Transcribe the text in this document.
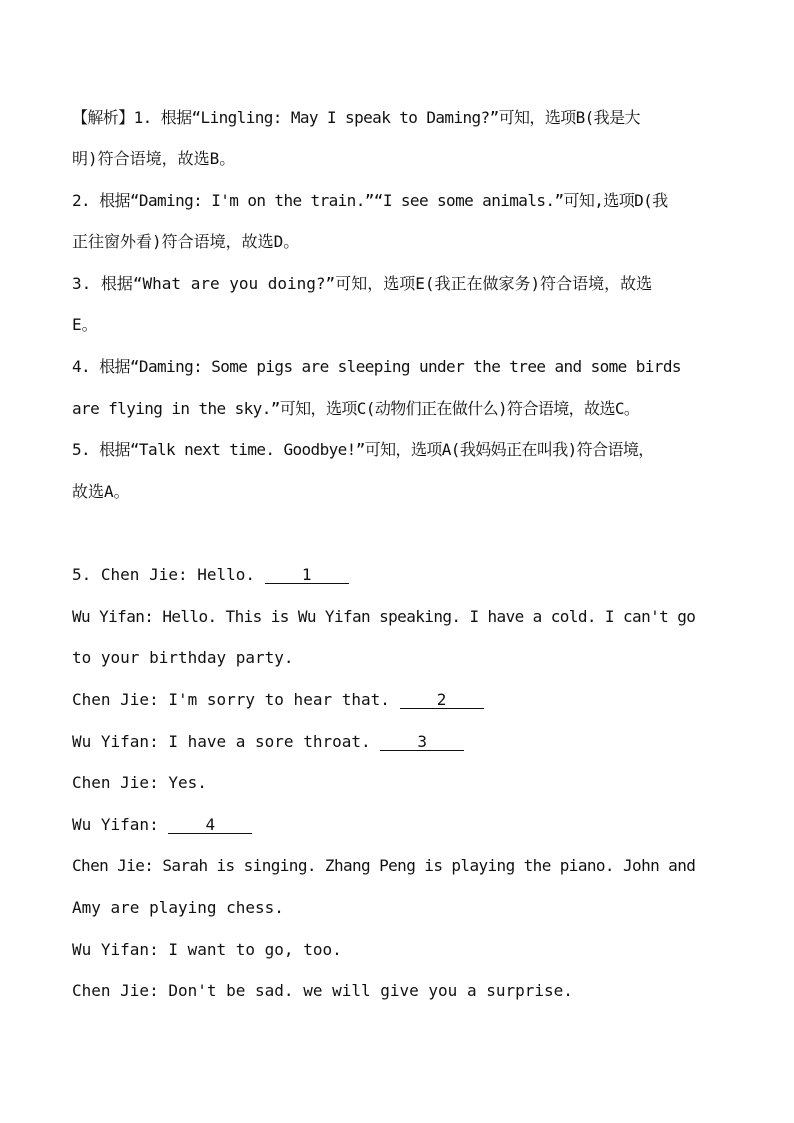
【解析】1. 根据“Lingling: May I speak to Daming?”可知，选项B(我是大
明)符合语境，故选B。
2. 根据“Daming: I'm on the train.”“I see some animals.”可知,选项D(我
正往窗外看)符合语境，故选D。
3. 根据“What are you doing?”可知，选项E(我正在做家务)符合语境，故选
E。
4. 根据“Daming: Some pigs are sleeping under the tree and some birds
are flying in the sky.”可知，选项C(动物们正在做什么)符合语境，故选C。
5. 根据“Talk next time. Goodbye!”可知，选项A(我妈妈正在叫我)符合语境，
故选A。
5. Chen Jie: Hello. 1
Wu Yifan: Hello. This is Wu Yifan speaking. I have a cold. I can't go
to your birthday party.
Chen Jie: I'm sorry to hear that. 2
Wu Yifan: I have a sore throat. 3
Chen Jie: Yes.
Wu Yifan: 4
Chen Jie: Sarah is singing. Zhang Peng is playing the piano. John and
Amy are playing chess.
Wu Yifan: I want to go, too.
Chen Jie: Don't be sad. we will give you a surprise.
